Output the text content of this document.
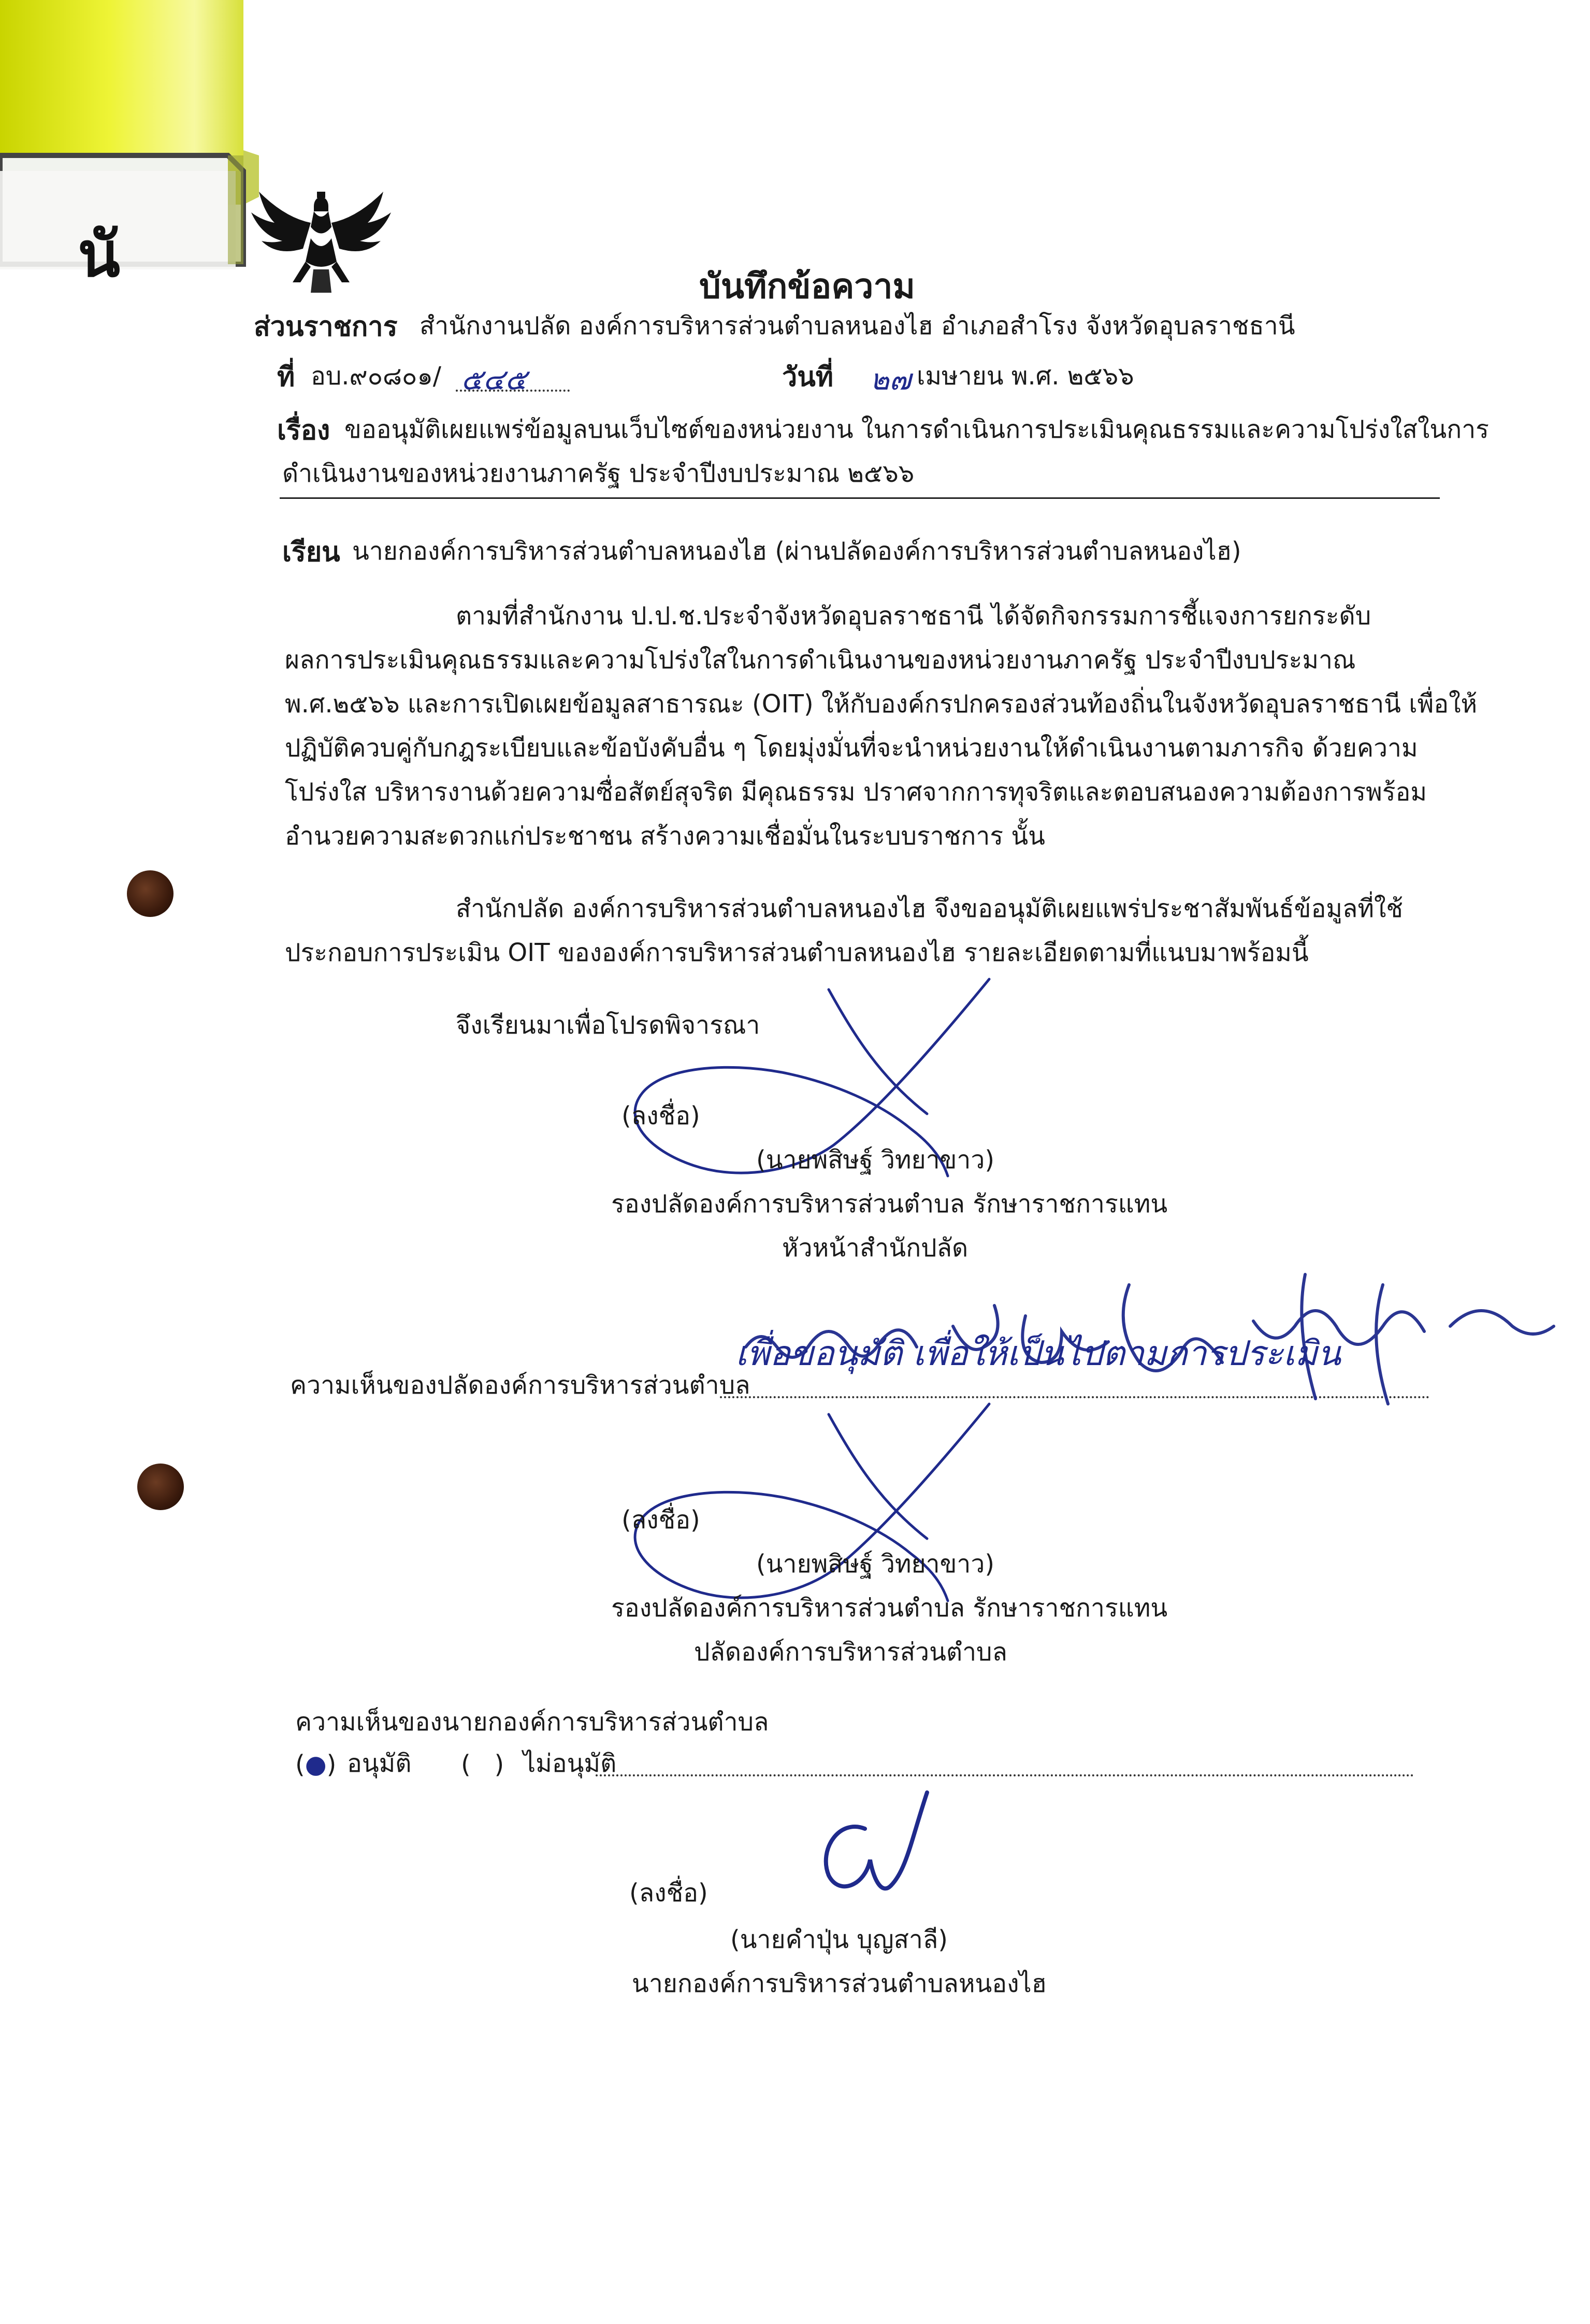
นั	บันทึกข้อความ
ส่วนราชการ สำนักงานปลัด องค์การบริหารส่วนตำบลหนองไฮ อำเภอสำโรง จังหวัดอุบลราชธานี
ที่ อบ.๙๐๘๐๑/ ๕๔๕	วันที่ ๒๗ เมษายน พ.ศ. ๒๕๖๖
เรื่อง ขออนุมัติเผยแพร่ข้อมูลบนเว็บไซต์ของหน่วยงาน ในการดำเนินการประเมินคุณธรรมและความโปร่งใสในการ
ดำเนินงานของหน่วยงานภาครัฐ ประจำปีงบประมาณ ๒๕๖๖
เรียน นายกองค์การบริหารส่วนตำบลหนองไฮ (ผ่านปลัดองค์การบริหารส่วนตำบลหนองไฮ)
ตามที่สำนักงาน ป.ป.ช.ประจำจังหวัดอุบลราชธานี ได้จัดกิจกรรมการชี้แจงการยกระดับ
ผลการประเมินคุณธรรมและความโปร่งใสในการดำเนินงานของหน่วยงานภาครัฐ ประจำปีงบประมาณ
พ.ศ.๒๕๖๖ และการเปิดเผยข้อมูลสาธารณะ (OIT) ให้กับองค์กรปกครองส่วนท้องถิ่นในจังหวัดอุบลราชธานี เพื่อให้
ปฏิบัติควบคู่กับกฎระเบียบและข้อบังคับอื่น ๆ โดยมุ่งมั่นที่จะนำหน่วยงานให้ดำเนินงานตามภารกิจ ด้วยความ
โปร่งใส บริหารงานด้วยความซื่อสัตย์สุจริต มีคุณธรรม ปราศจากการทุจริตและตอบสนองความต้องการพร้อม
อำนวยความสะดวกแก่ประชาชน สร้างความเชื่อมั่นในระบบราชการ นั้น
สำนักปลัด องค์การบริหารส่วนตำบลหนองไฮ จึงขออนุมัติเผยแพร่ประชาสัมพันธ์ข้อมูลที่ใช้
ประกอบการประเมิน OIT ขององค์การบริหารส่วนตำบลหนองไฮ รายละเอียดตามที่แนบมาพร้อมนี้
จึงเรียนมาเพื่อโปรดพิจารณา
(ลงชื่อ)
(นายพสิษฐ์ วิทยาขาว)
รองปลัดองค์การบริหารส่วนตำบล รักษาราชการแทน
หัวหน้าสำนักปลัด
ความเห็นของปลัดองค์การบริหารส่วนตำบล
เพื่อขอนุมัติ เพื่อให้เป็นไปตามการประเมิน
(ลงชื่อ)
(นายพสิษฐ์ วิทยาขาว)
รองปลัดองค์การบริหารส่วนตำบล รักษาราชการแทน
ปลัดองค์การบริหารส่วนตำบล
ความเห็นของนายกองค์การบริหารส่วนตำบล
(●) อนุมัติ (   ) ไม่อนุมัติ
(ลงชื่อ)
(นายคำปุ่น บุญสาลี)
นายกองค์การบริหารส่วนตำบลหนองไฮ
